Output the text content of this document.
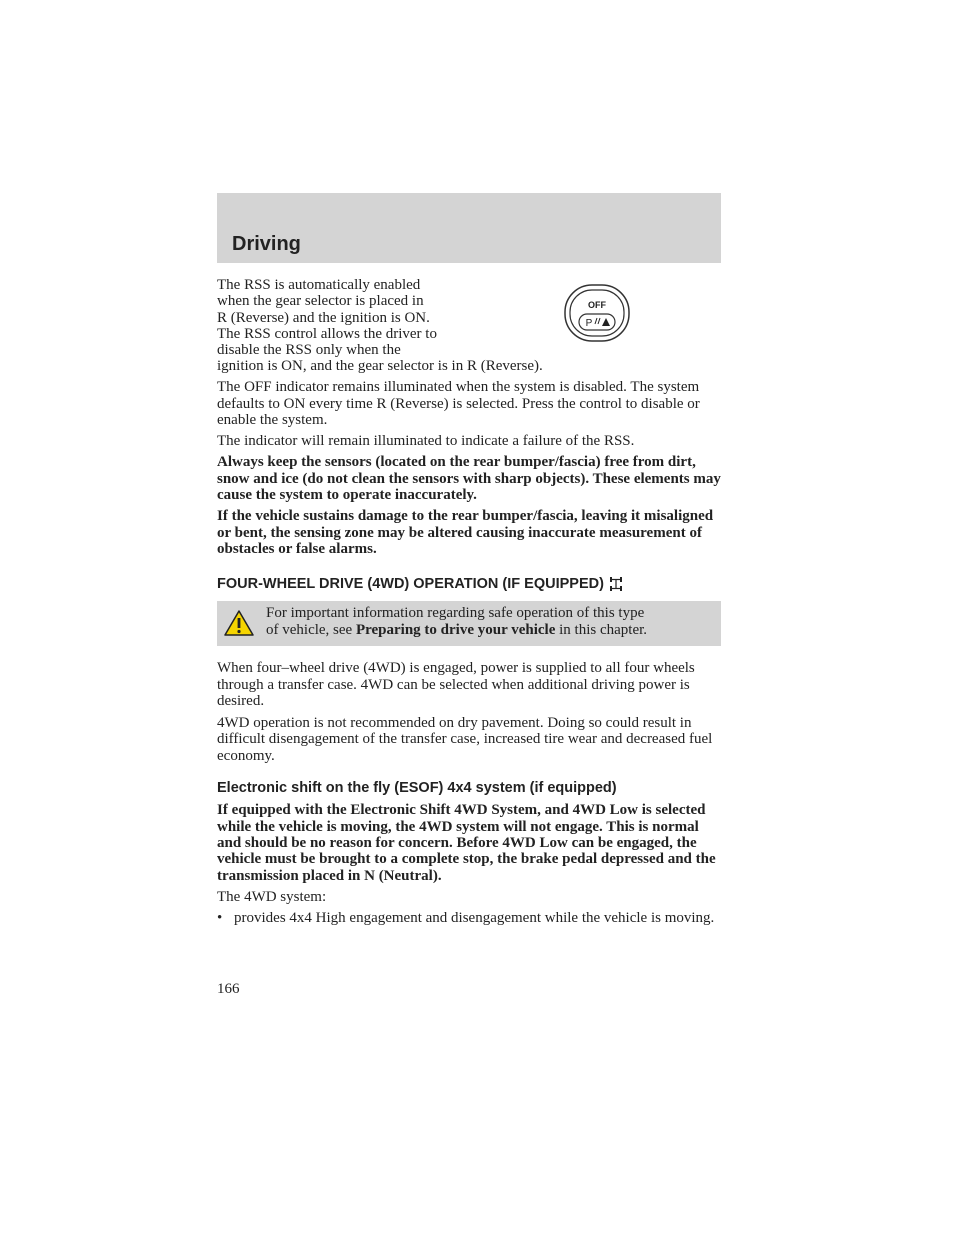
Driving
The RSS is automatically enabled
when the gear selector is placed in
R (Reverse) and the ignition is ON.
The RSS control allows the driver to
disable the RSS only when the

ignition is ON, and the gear selector is in R (Reverse).

OFF
P

The OFF indicator remains illuminated when the system is disabled. The system defaults to ON every time R (Reverse) is selected. Press the control to disable or enable the system.

The indicator will remain illuminated to indicate a failure of the RSS.

Always keep the sensors (located on the rear bumper/fascia) free from dirt, snow and ice (do not clean the sensors with sharp objects). These elements may cause the system to operate inaccurately.

If the vehicle sustains damage to the rear bumper/fascia, leaving it misaligned or bent, the sensing zone may be altered causing inaccurate measurement of obstacles or false alarms.

FOUR-WHEEL DRIVE (4WD) OPERATION (IF EQUIPPED)
For important information regarding safe operation of this type
of vehicle, see Preparing to drive your vehicle in this chapter.

When four–wheel drive (4WD) is engaged, power is supplied to all four wheels through a transfer case. 4WD can be selected when additional driving power is desired.

4WD operation is not recommended on dry pavement. Doing so could result in difficult disengagement of the transfer case, increased tire wear and decreased fuel economy.

Electronic shift on the fly (ESOF) 4x4 system (if equipped)

If equipped with the Electronic Shift 4WD System, and 4WD Low is selected while the vehicle is moving, the 4WD system will not engage. This is normal and should be no reason for concern. Before 4WD Low can be engaged, the vehicle must be brought to a complete stop, the brake pedal depressed and the transmission placed in N (Neutral).

The 4WD system:

• provides 4x4 High engagement and disengagement while the vehicle is moving.
166
